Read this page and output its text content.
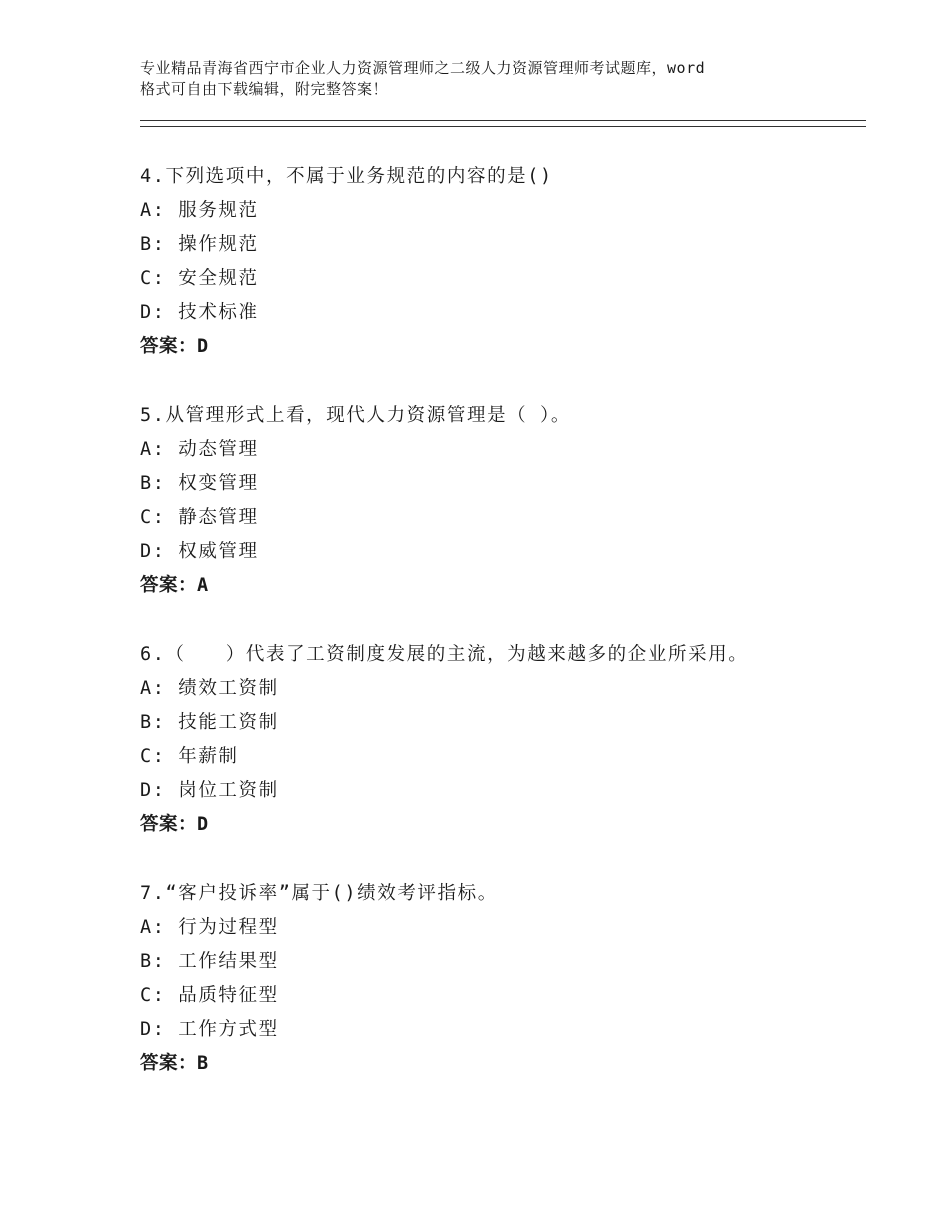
专业精品青海省西宁市企业人力资源管理师之二级人力资源管理师考试题库，word
格式可自由下载编辑，附完整答案！
4.下列选项中，不属于业务规范的内容的是()
A: 服务规范
B: 操作规范
C: 安全规范
D: 技术标准
答案：D
5.从管理形式上看，现代人力资源管理是（ ）。
A: 动态管理
B: 权变管理
C: 静态管理
D: 权威管理
答案：A
6.（　　）代表了工资制度发展的主流，为越来越多的企业所采用。
A: 绩效工资制
B: 技能工资制
C: 年薪制
D: 岗位工资制
答案：D
7.“客户投诉率”属于()绩效考评指标。
A: 行为过程型
B: 工作结果型
C: 品质特征型
D: 工作方式型
答案：B
